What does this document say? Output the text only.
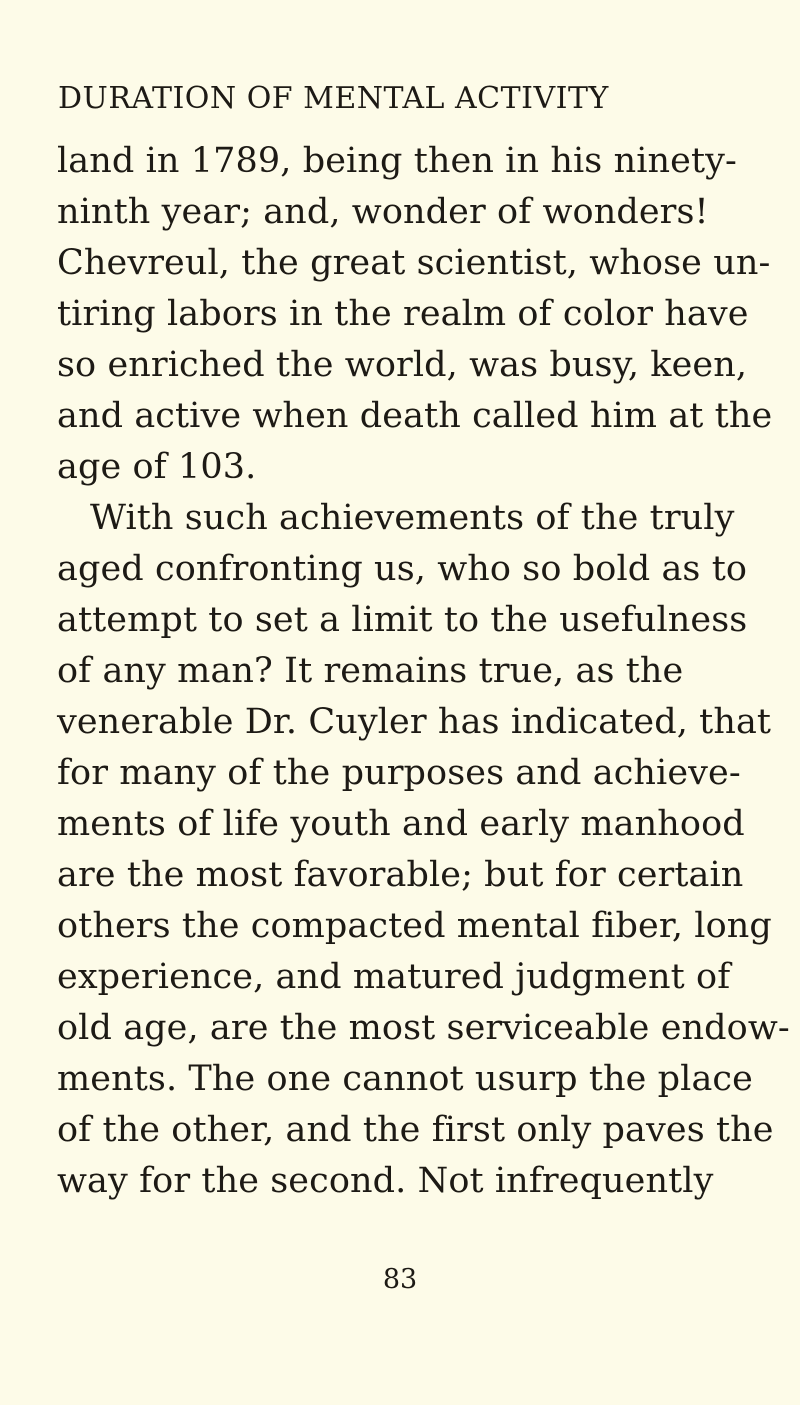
DURATION OF MENTAL ACTIVITY
land in 1789, being then in his ninety-
ninth year; and, wonder of wonders!
Chevreul, the great scientist, whose un-
tiring labors in the realm of color have
so enriched the world, was busy, keen,
and active when death called him at the
age of 103.
With such achievements of the truly
aged confronting us, who so bold as to
attempt to set a limit to the usefulness
of any man? It remains true, as the
venerable Dr. Cuyler has indicated, that
for many of the purposes and achieve-
ments of life youth and early manhood
are the most favorable; but for certain
others the compacted mental fiber, long
experience, and matured judgment of
old age, are the most serviceable endow-
ments. The one cannot usurp the place
of the other, and the first only paves the
way for the second. Not infrequently
83
